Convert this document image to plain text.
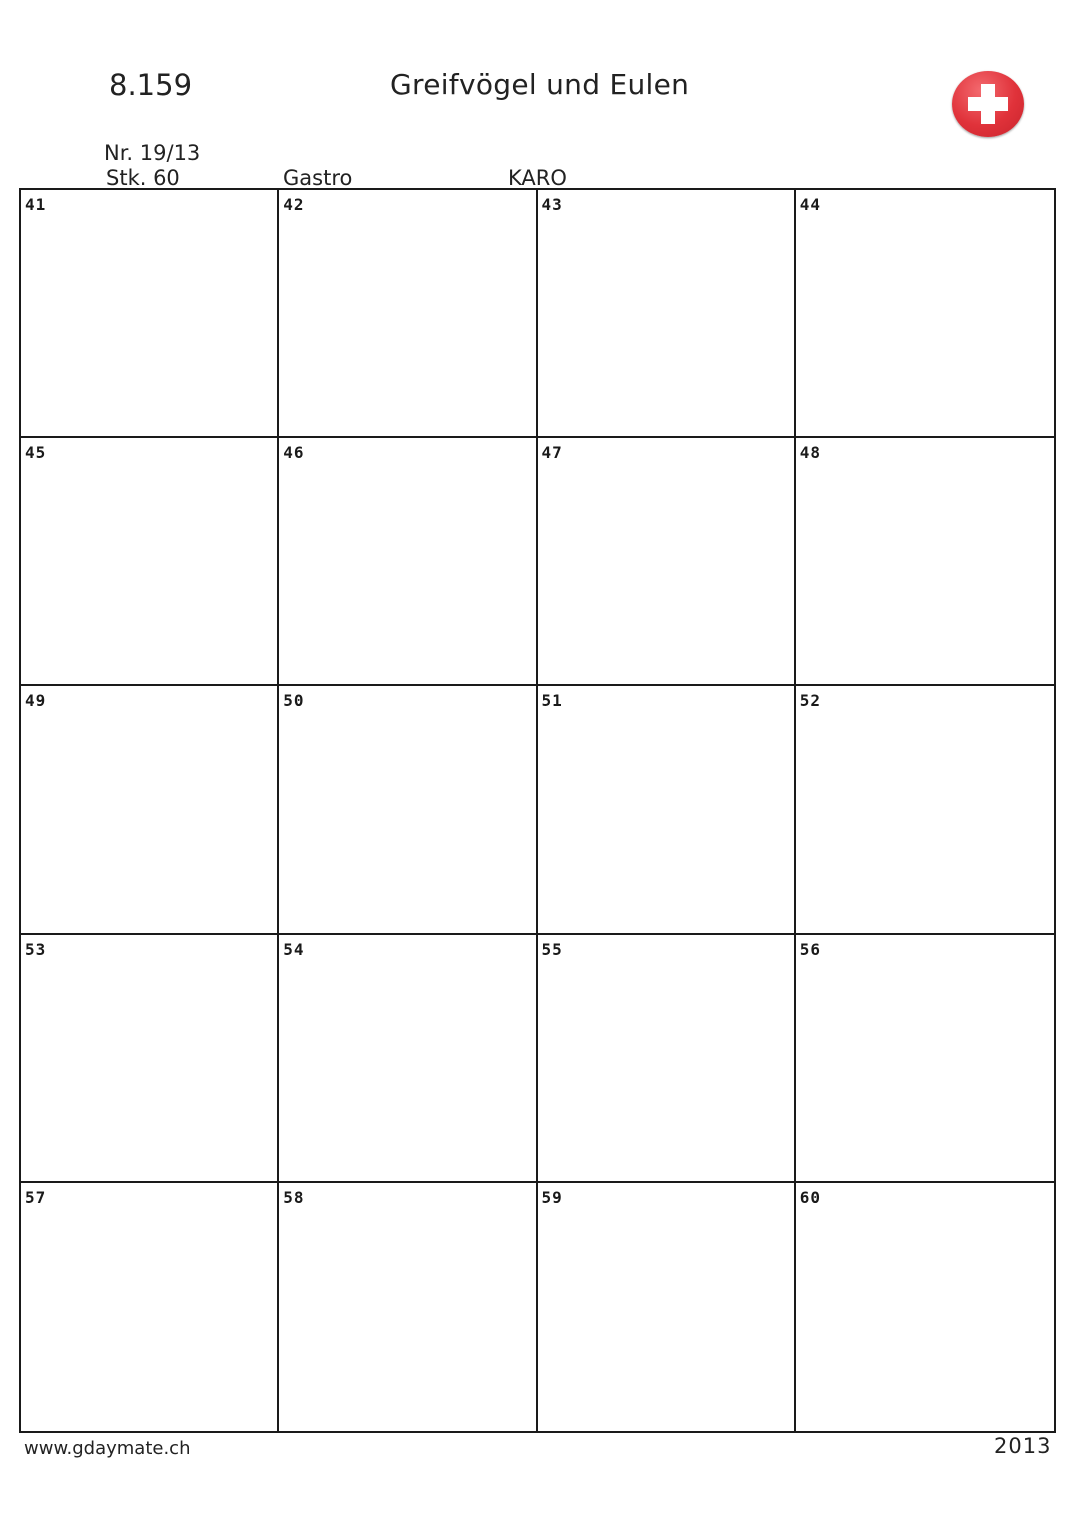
8.159	Greifvögel und Eulen
Nr. 19/13
Stk. 60	Gastro	KARO
41	42	43	44
45	46	47	48
49	50	51	52
53	54	55	56
57	58	59	60
www.gdaymate.ch	2013
